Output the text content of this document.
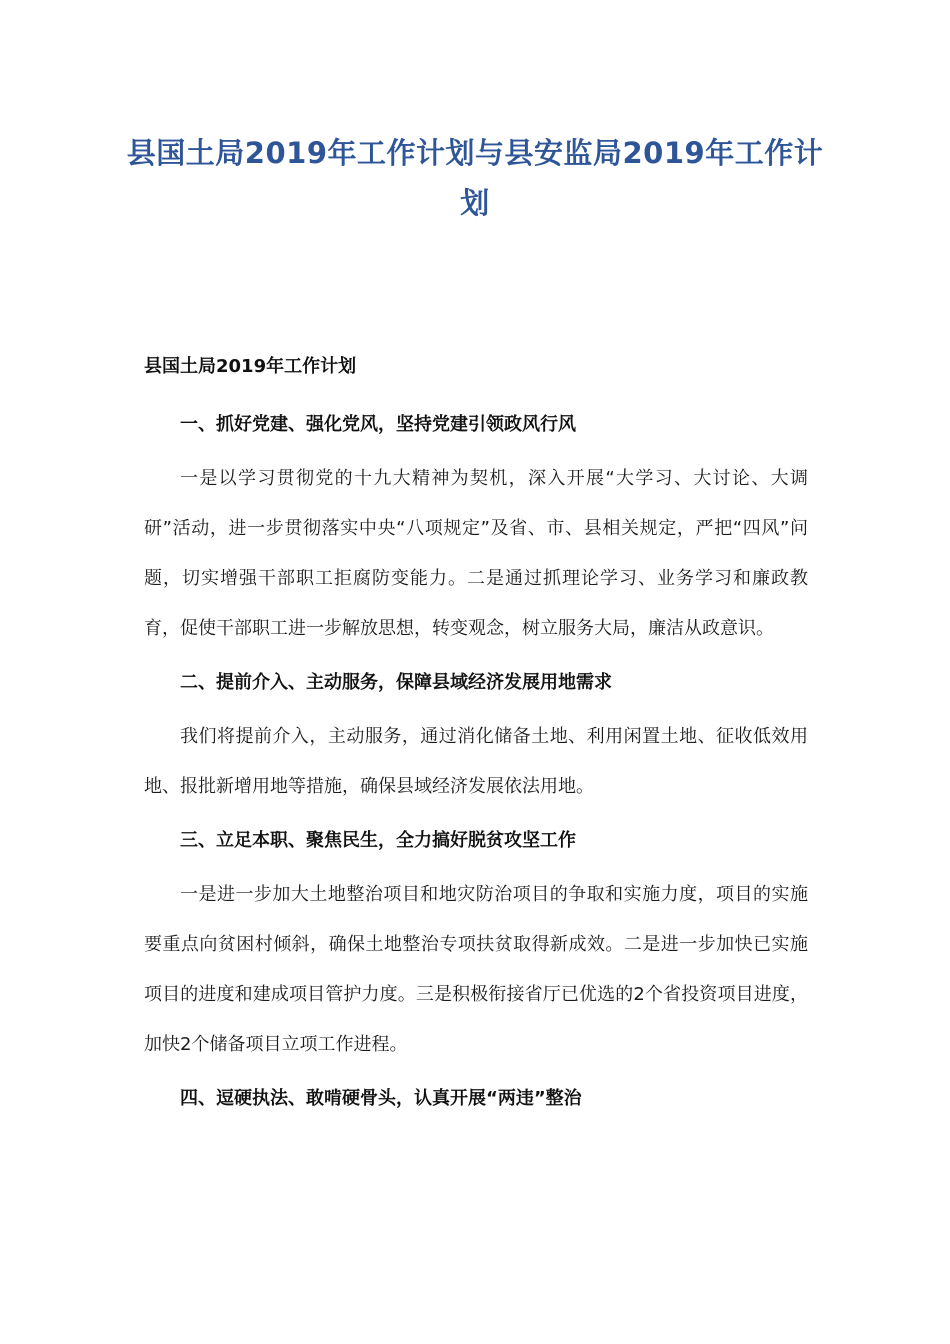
县国土局2019年工作计划与县安监局2019年工作计划
县国土局2019年工作计划

一、抓好党建、强化党风，坚持党建引领政风行风

一是以学习贯彻党的十九大精神为契机，深入开展“大学习、大讨论、大调研”活动，进一步贯彻落实中央“八项规定”及省、市、县相关规定，严把“四风”问题，切实增强干部职工拒腐防变能力。二是通过抓理论学习、业务学习和廉政教育，促使干部职工进一步解放思想，转变观念，树立服务大局，廉洁从政意识。

二、提前介入、主动服务，保障县域经济发展用地需求

我们将提前介入，主动服务，通过消化储备土地、利用闲置土地、征收低效用地、报批新增用地等措施，确保县域经济发展依法用地。

三、立足本职、聚焦民生，全力搞好脱贫攻坚工作

一是进一步加大土地整治项目和地灾防治项目的争取和实施力度，项目的实施要重点向贫困村倾斜，确保土地整治专项扶贫取得新成效。二是进一步加快已实施项目的进度和建成项目管护力度。三是积极衔接省厅已优选的2个省投资项目进度，加快2个储备项目立项工作进程。

四、逗硬执法、敢啃硬骨头，认真开展“两违”整治
